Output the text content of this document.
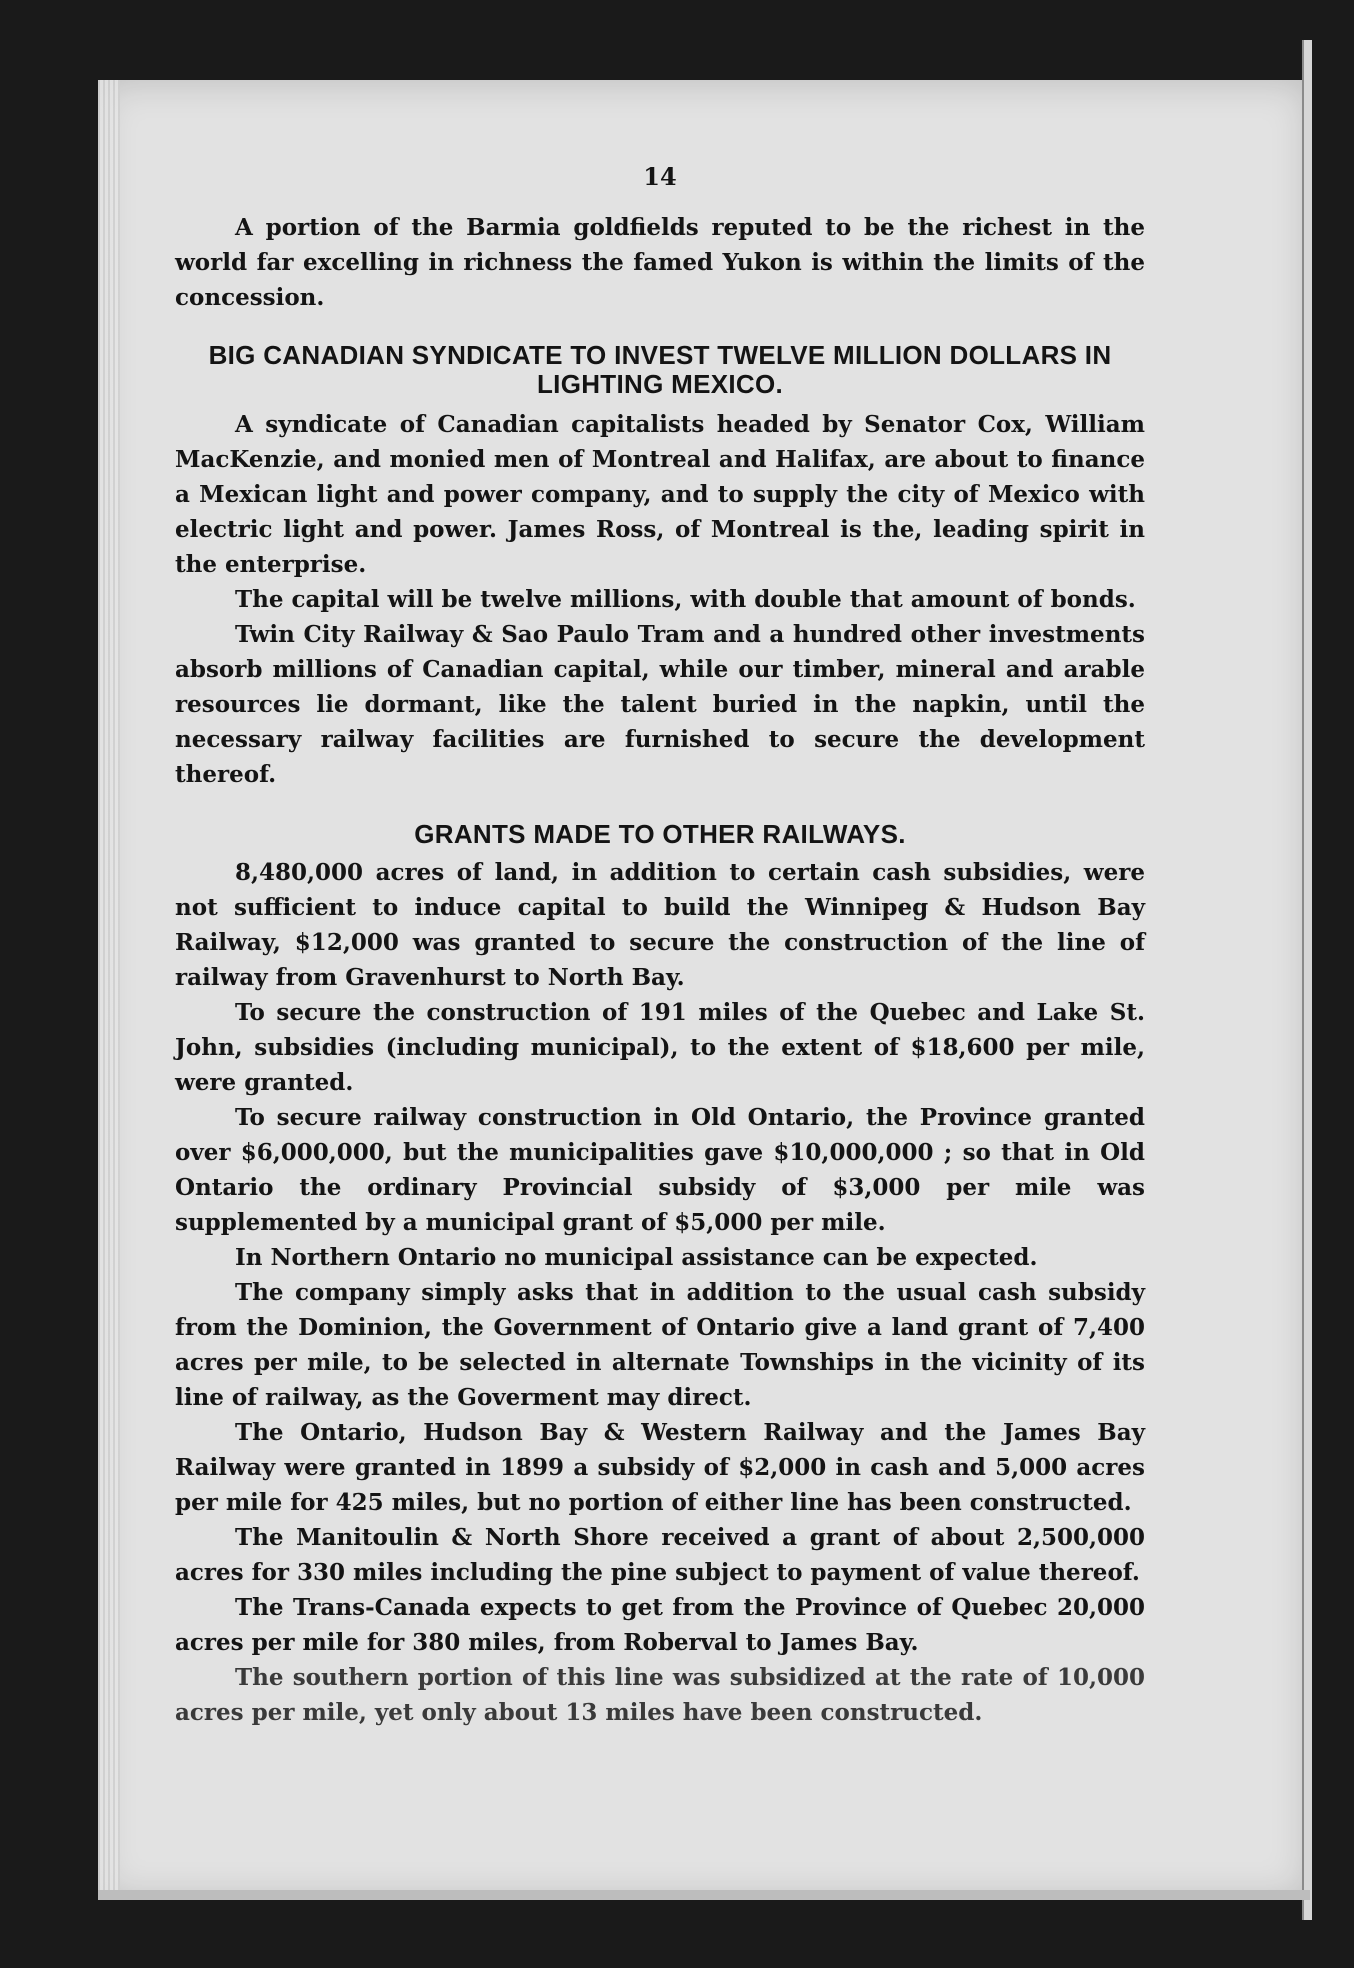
14

A portion of the Barmia goldfields reputed to be the richest in the world far excelling in richness the famed Yukon is within the limits of the concession.

BIG CANADIAN SYNDICATE TO INVEST TWELVE MILLION DOLLARS IN LIGHTING MEXICO.

A syndicate of Canadian capitalists headed by Senator Cox, William MacKenzie, and monied men of Montreal and Halifax, are about to finance a Mexican light and power company, and to supply the city of Mexico with electric light and power. James Ross, of Montreal is the, leading spirit in the enterprise.

The capital will be twelve millions, with double that amount of bonds.

Twin City Railway & Sao Paulo Tram and a hundred other investments absorb millions of Canadian capital, while our timber, mineral and arable resources lie dormant, like the talent buried in the napkin, until the necessary railway facilities are furnished to secure the development thereof.

GRANTS MADE TO OTHER RAILWAYS.

8,480,000 acres of land, in addition to certain cash subsidies, were not sufficient to induce capital to build the Winnipeg & Hudson Bay Railway, $12,000 was granted to secure the construction of the line of railway from Gravenhurst to North Bay.

To secure the construction of 191 miles of the Quebec and Lake St. John, subsidies (including municipal), to the extent of $18,600 per mile, were granted.

To secure railway construction in Old Ontario, the Province granted over $6,000,000, but the municipalities gave $10,000,000 ; so that in Old Ontario the ordinary Provincial subsidy of $3,000 per mile was supplemented by a municipal grant of $5,000 per mile.

In Northern Ontario no municipal assistance can be expected.

The company simply asks that in addition to the usual cash subsidy from the Dominion, the Government of Ontario give a land grant of 7,400 acres per mile, to be selected in alternate Townships in the vicinity of its line of railway, as the Goverment may direct.

The Ontario, Hudson Bay & Western Railway and the James Bay Railway were granted in 1899 a subsidy of $2,000 in cash and 5,000 acres per mile for 425 miles, but no portion of either line has been constructed.

The Manitoulin & North Shore received a grant of about 2,500,000 acres for 330 miles including the pine subject to payment of value thereof.

The Trans-Canada expects to get from the Province of Quebec 20,000 acres per mile for 380 miles, from Roberval to James Bay.

The southern portion of this line was subsidized at the rate of 10,000 acres per mile, yet only about 13 miles have been constructed.
